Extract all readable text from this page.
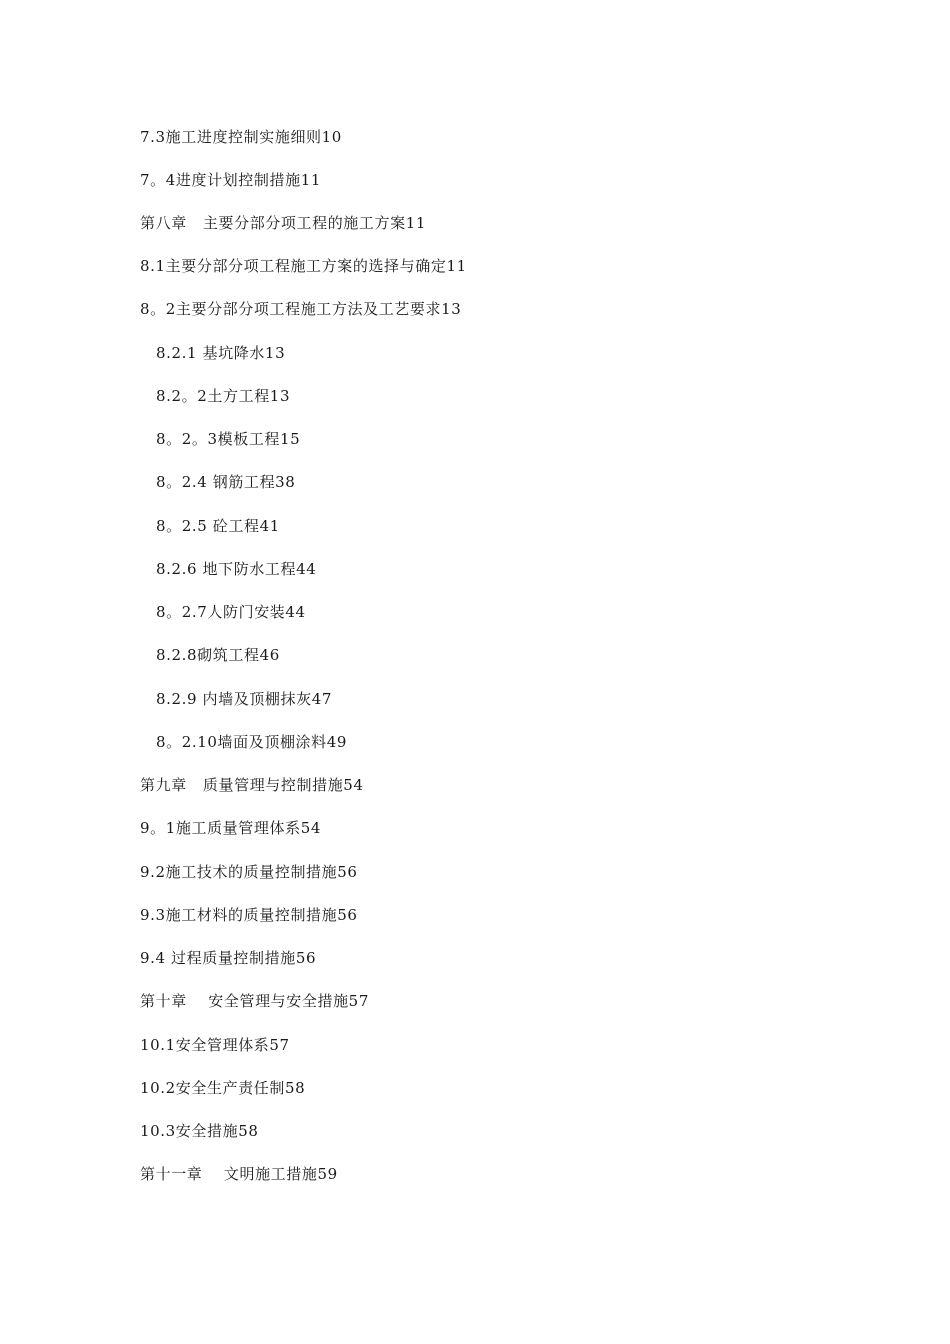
7.3施工进度控制实施细则10
7。4进度计划控制措施11
第八章   主要分部分项工程的施工方案11
8.1主要分部分项工程施工方案的选择与确定11
8。2主要分部分项工程施工方法及工艺要求13
8.2.1 基坑降水13
8.2。2土方工程13
8。2。3模板工程15
8。2.4 钢筋工程38
8。2.5 砼工程41
8.2.6 地下防水工程44
8。2.7人防门安装44
8.2.8砌筑工程46
8.2.9 内墙及顶棚抹灰47
8。2.10墙面及顶棚涂料49
第九章   质量管理与控制措施54
9。1施工质量管理体系54
9.2施工技术的质量控制措施56
9.3施工材料的质量控制措施56
9.4 过程质量控制措施56
第十章    安全管理与安全措施57
10.1安全管理体系57
10.2安全生产责任制58
10.3安全措施58
第十一章    文明施工措施59
